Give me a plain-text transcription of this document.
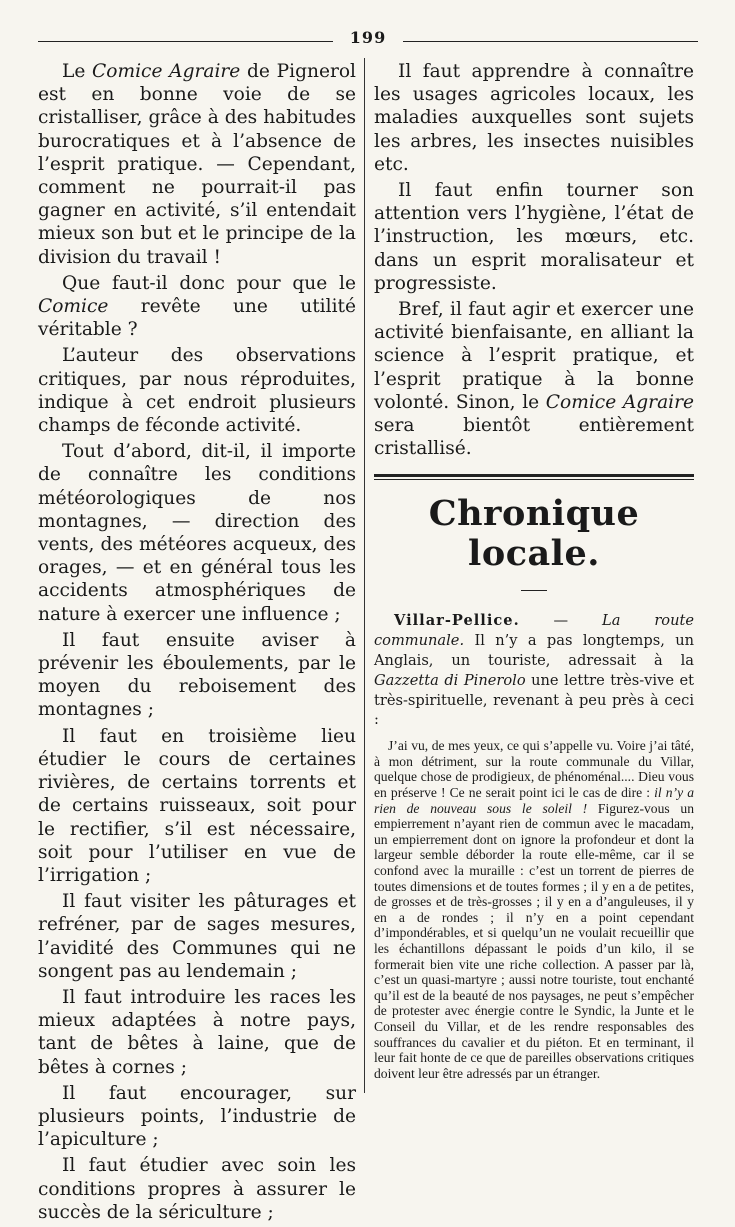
199

Le Comice Agraire de Pignerol est en bonne voie de se cristalliser, grâce à des habitudes burocratiques et à l’absence de l’esprit pratique. — Cependant, comment ne pourrait-il pas gagner en activité, s’il entendait mieux son but et le principe de la division du travail !

Que faut-il donc pour que le Comice revête une utilité véritable ?

L’auteur des observations critiques, par nous réproduites, indique à cet endroit plusieurs champs de féconde activité.

Tout d’abord, dit-il, il importe de connaître les conditions météorologiques de nos montagnes, — direction des vents, des météores acqueux, des orages, — et en général tous les accidents atmosphériques de nature à exercer une influence ;

Il faut ensuite aviser à prévenir les éboulements, par le moyen du reboisement des montagnes ;

Il faut en troisième lieu étudier le cours de certaines rivières, de certains torrents et de certains ruisseaux, soit pour le rectifier, s’il est nécessaire, soit pour l’utiliser en vue de l’irrigation ;

Il faut visiter les pâturages et refréner, par de sages mesures, l’avidité des Communes qui ne songent pas au lendemain ;

Il faut introduire les races les mieux adaptées à notre pays, tant de bêtes à laine, que de bêtes à cornes ;

Il faut encourager, sur plusieurs points, l’industrie de l’apiculture ;

Il faut étudier avec soin les conditions propres à assurer le succès de la sériculture ;

Il faut apprendre à connaître les usages agricoles locaux, les maladies auxquelles sont sujets les arbres, les insectes nuisibles etc.

Il faut enfin tourner son attention vers l’hygiène, l’état de l’instruction, les mœurs, etc. dans un esprit moralisateur et progressiste.

Bref, il faut agir et exercer une activité bienfaisante, en alliant la science à l’esprit pratique, et l’esprit pratique à la bonne volonté. Sinon, le Comice Agraire sera bientôt entièrement cristallisé.

Chronique locale.

Villar-Pellice. — La route communale. Il n’y a pas longtemps, un Anglais, un touriste, adressait à la Gazzetta di Pinerolo une lettre très-vive et très-spirituelle, revenant à peu près à ceci :

J’ai vu, de mes yeux, ce qui s’appelle vu. Voire j’ai tâté, à mon détriment, sur la route communale du Villar, quelque chose de prodigieux, de phénoménal.... Dieu vous en préserve ! Ce ne serait point ici le cas de dire : il n’y a rien de nouveau sous le soleil ! Figurez-vous un empierrement n’ayant rien de commun avec le macadam, un empierrement dont on ignore la profondeur et dont la largeur semble déborder la route elle-même, car il se confond avec la muraille : c’est un torrent de pierres de toutes dimensions et de toutes formes ; il y en a de petites, de grosses et de très-grosses ; il y en a d’anguleuses, il y en a de rondes ; il n’y en a point cependant d’impondérables, et si quelqu’un ne voulait recueillir que les échantillons dépassant le poids d’un kilo, il se formerait bien vite une riche collection. A passer par là, c’est un quasi-martyre ; aussi notre touriste, tout enchanté qu’il est de la beauté de nos paysages, ne peut s’empêcher de protester avec énergie contre le Syndic, la Junte et le Conseil du Villar, et de les rendre responsables des souffrances du cavalier et du piéton. Et en terminant, il leur fait honte de ce que de pareilles observations critiques doivent leur être adressés par un étranger.
